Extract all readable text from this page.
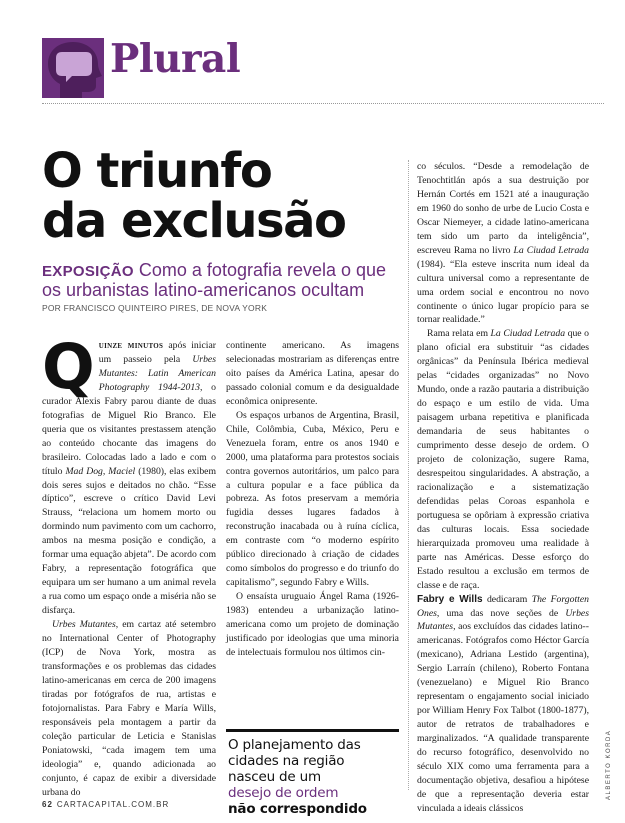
Plural
O triunfo
da exclusão
EXPOSIÇÃO Como a fotografia revela o que os urbanistas latino-americanos ocultam
POR FRANCISCO QUINTEIRO PIRES, DE NOVA YORK

Quinze minutos após iniciar um passeio pela Urbes Mutantes: Latin American Photography 1944-2013, o curador Alexis Fabry parou diante de duas fotografias de Miguel Rio Branco. Ele queria que os visitantes prestassem atenção ao conteúdo chocante das imagens do brasileiro. Colocadas lado a lado e com o título Mad Dog, Maciel (1980), elas exibem dois seres sujos e deitados no chão. “Esse díptico”, escreve o crítico David Levi Strauss, “relaciona um homem morto ou dormindo num pavimento com um cachorro, ambos na mesma posição e condição, a formar uma equação abjeta”. De acordo com Fabry, a representação fotográfica que equipara um ser humano a um animal revela a rua como um espaço onde a miséria não se disfarça.

Urbes Mutantes, em cartaz até setembro no International Center of Photography (ICP) de Nova York, mostra as transformações e os problemas das cidades latino-americanas em cerca de 200 imagens tiradas por fotógrafos de rua, artistas e fotojornalistas. Para Fabry e María Wills, responsáveis pela montagem a partir da coleção particular de Leticia e Stanislas Poniatowski, “cada imagem tem uma ideologia” e, quando adicionada ao conjunto, é capaz de exibir a diversidade urbana do

continente americano. As imagens selecionadas mostrariam as diferenças entre oito países da América Latina, apesar do passado colonial comum e da desigualdade econômica onipresente.

Os espaços urbanos de Argentina, Brasil, Chile, Colômbia, Cuba, México, Peru e Venezuela foram, entre os anos 1940 e 2000, uma plataforma para protestos sociais contra governos autoritários, um palco para a cultura popular e a face pública da pobreza. As fotos preservam a memória fugidia desses lugares fadados à reconstrução inacabada ou à ruína cíclica, em contraste com “o moderno espírito público direcionado à criação de cidades como símbolos do progresso e do triunfo do capitalismo”, segundo Fabry e Wills.

O ensaísta uruguaio Ángel Rama (1926-1983) entendeu a urbanização latino-americana como um projeto de dominação justificado por ideologias que uma minoria de intelectuais formulou nos últimos cin-

O planejamento das
cidades na região
nasceu de um
desejo de ordem
não correspondido

co séculos. “Desde a remodelação de Tenochtitlán após a sua destruição por Hernán Cortés em 1521 até a inauguração em 1960 do sonho de urbe de Lucio Costa e Oscar Niemeyer, a cidade latino-americana tem sido um parto da inteligência”, escreveu Rama no livro La Ciudad Letrada (1984). “Ela esteve inscrita num ideal da cultura universal como a representante de uma ordem social e encontrou no novo continente o único lugar propício para se tornar realidade.”

Rama relata em La Ciudad Letrada que o plano oficial era substituir “as cidades orgânicas” da Península Ibérica medieval pelas “cidades organizadas” no Novo Mundo, onde a razão pautaria a distribuição do espaço e um estilo de vida. Uma paisagem urbana repetitiva e planificada demandaria de seus habitantes o cumprimento desse desejo de ordem. O projeto de colonização, sugere Rama, desrespeitou singularidades. A abstração, a racionalização e a sistematização defendidas pelas Coroas espanhola e portuguesa se opôriam à expressão criativa das culturas locais. Essa sociedade hierarquizada promoveu uma realidade à parte nas Américas. Desse esforço do Estado resultou a exclusão em termos de classe e de raça.

Fabry e Wills dedicaram The Forgotten Ones, uma das nove seções de Urbes Mutantes, aos excluídos das cidades latino--americanas. Fotógrafos como Héctor García (mexicano), Adriana Lestido (argentina), Sergio Larraín (chileno), Roberto Fontana (venezuelano) e Miguel Rio Branco representam o engajamento social iniciado por William Henry Fox Talbot (1800-1877), autor de retratos de trabalhadores e marginalizados. “A qualidade transparente do recurso fotográfico, desenvolvido no século XIX como uma ferramenta para a documentação objetiva, desafiou a hipótese de que a representação deveria estar vinculada a ideais clássicos

ALBERTO KORDA
62 CARTACAPITAL.COM.BR
